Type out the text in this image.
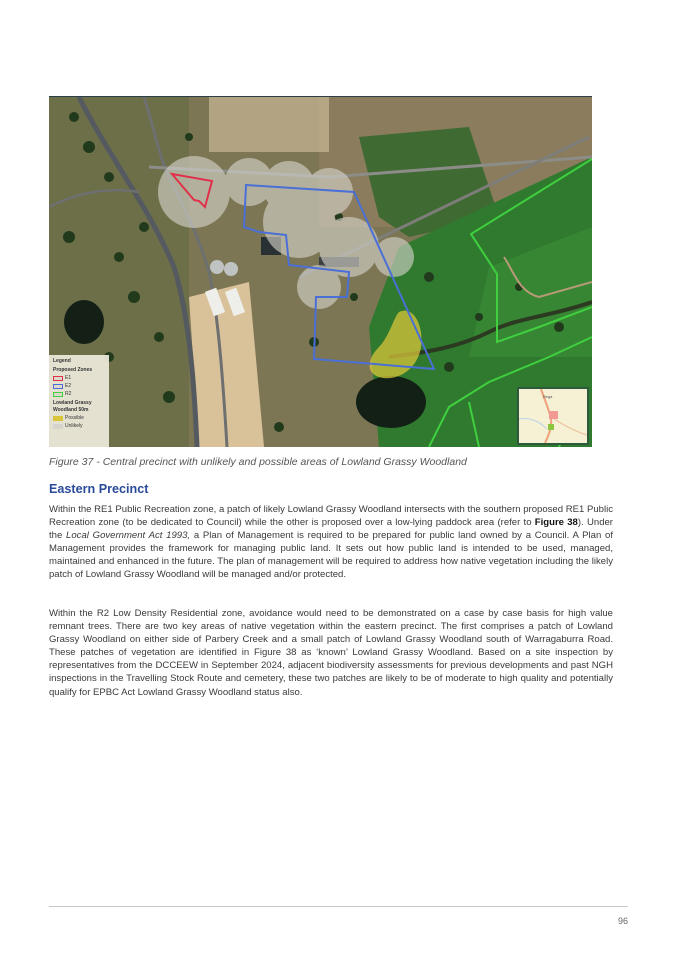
Legend
Proposed Zones
E1
E2
R2
Lowland Grassy
Woodland 50m
Possible
Unlikely
Bega
Figure 37 - Central precinct with unlikely and possible areas of Lowland Grassy Woodland
Eastern Precinct

Within the RE1 Public Recreation zone, a patch of likely Lowland Grassy Woodland intersects with the southern proposed RE1 Public Recreation zone (to be dedicated to Council) while the other is proposed over a low-lying paddock area (refer to Figure 38). Under the Local Government Act 1993, a Plan of Management is required to be prepared for public land owned by a Council. A Plan of Management provides the framework for managing public land. It sets out how public land is intended to be used, managed, maintained and enhanced in the future. The plan of management will be required to address how native vegetation including the likely patch of Lowland Grassy Woodland will be managed and/or protected.

Within the R2 Low Density Residential zone, avoidance would need to be demonstrated on a case by case basis for high value remnant trees. There are two key areas of native vegetation within the eastern precinct. The first comprises a patch of Lowland Grassy Woodland on either side of Parbery Creek and a small patch of Lowland Grassy Woodland south of Warragaburra Road. These patches of vegetation are identified in Figure 38 as ‘known’ Lowland Grassy Woodland. Based on a site inspection by representatives from the DCCEEW in September 2024, adjacent biodiversity assessments for previous developments and past NGH inspections in the Travelling Stock Route and cemetery, these two patches are likely to be of moderate to high quality and potentially qualify for EPBC Act Lowland Grassy Woodland status also.

96
